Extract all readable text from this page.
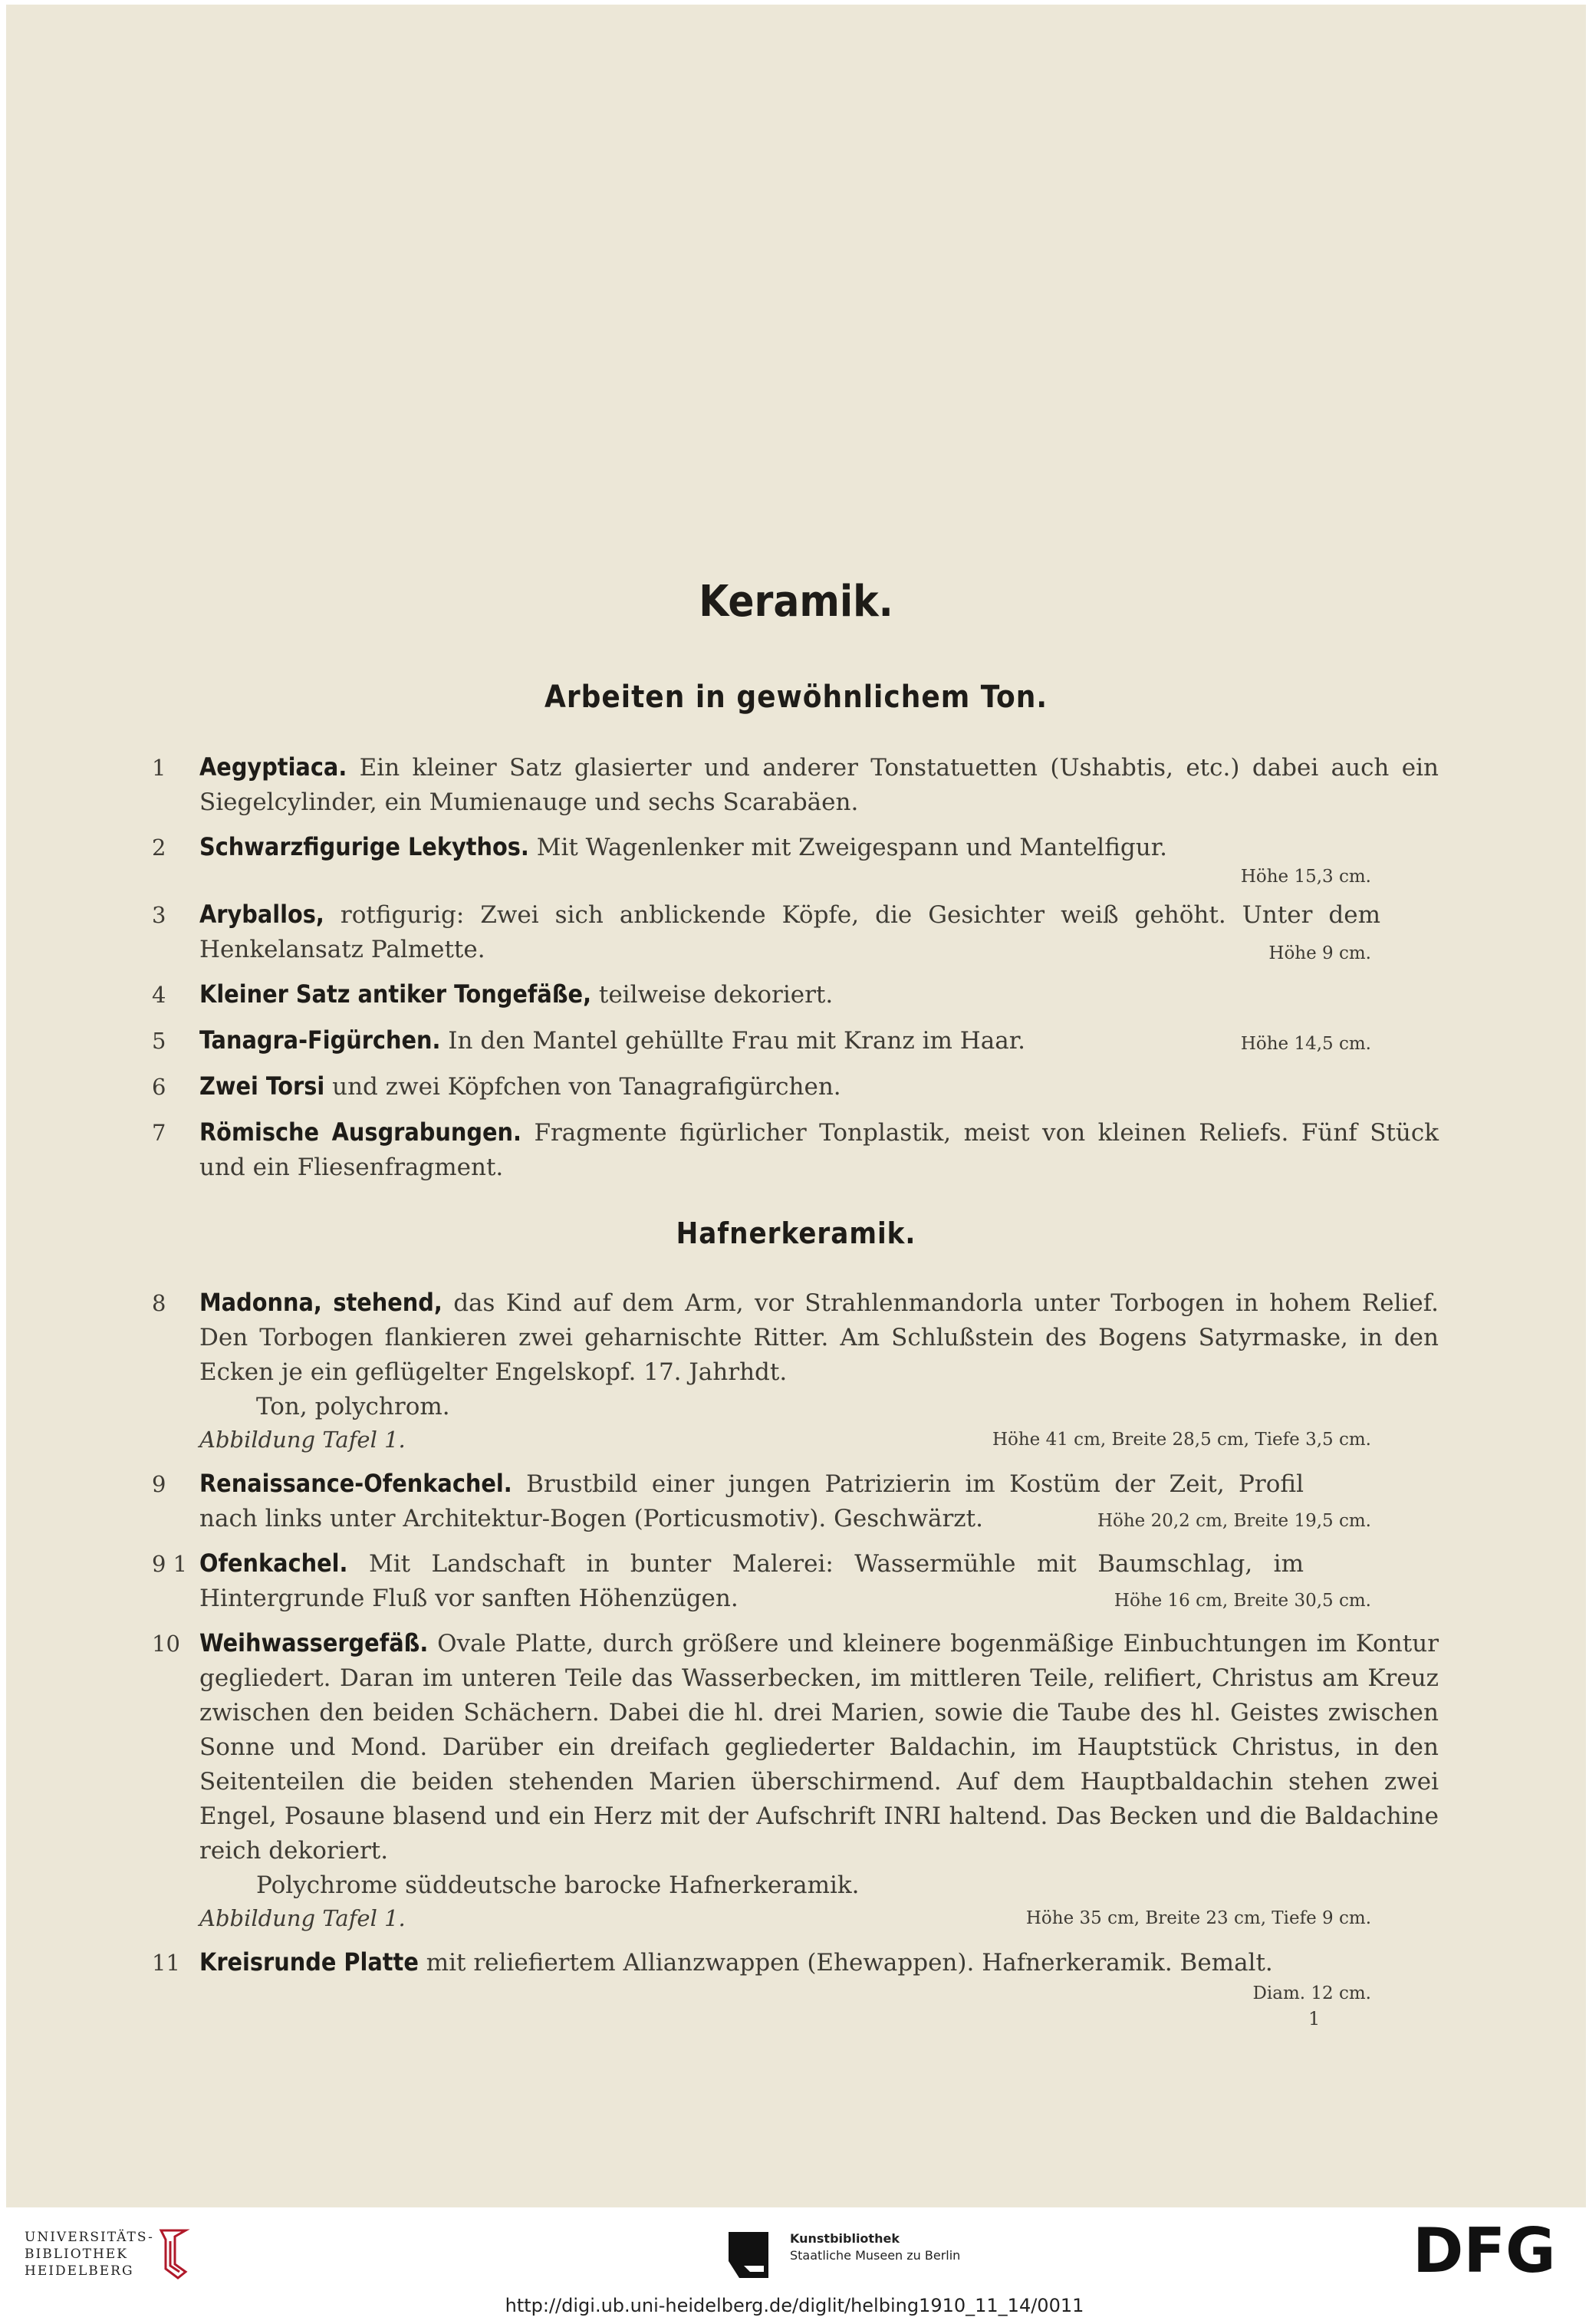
Keramik.
Arbeiten in gewöhnlichem Ton.
1	Aegyptiaca. Ein kleiner Satz glasierter und anderer Tonstatuetten (Ushabtis, etc.) dabei auch ein Siegelcylinder, ein Mumienauge und sechs Scarabäen.

2	Schwarzfigurige Lekythos. Mit Wagenlenker mit Zweigespann und Mantelfigur.

Höhe 15,3 cm.
3	Aryballos, rotfigurig: Zwei sich anblickende Köpfe, die Gesichter weiß gehöht. Unter dem Henkelansatz Palmette.	Höhe 9 cm.
4	Kleiner Satz antiker Tongefäße, teilweise dekoriert.

5	Tanagra-Figürchen. In den Mantel gehüllte Frau mit Kranz im Haar.	Höhe 14,5 cm.
6	Zwei Torsi und zwei Köpfchen von Tanagrafigürchen.

7	Römische Ausgrabungen. Fragmente figürlicher Tonplastik, meist von kleinen Reliefs. Fünf Stück und ein Fliesenfragment.

Hafnerkeramik.
8	Madonna, stehend, das Kind auf dem Arm, vor Strahlenmandorla unter Torbogen in hohem Relief. Den Torbogen flankieren zwei geharnischte Ritter. Am Schlußstein des Bogens Satyrmaske, in den Ecken je ein geflügelter Engelskopf. 17. Jahrhdt.
Ton, polychrom.

Abbildung Tafel 1.	Höhe 41 cm, Breite 28,5 cm, Tiefe 3,5 cm.
9	Renaissance-Ofenkachel. Brustbild einer jungen Patrizierin im Kostüm der Zeit, Profil nach links unter Architektur-Bogen (Porticusmotiv). Geschwärzt.	Höhe 20,2 cm, Breite 19,5 cm.
9 1 Ofenkachel. Mit Landschaft in bunter Malerei: Wassermühle mit Baumschlag, im Hintergrunde Fluß vor sanften Höhenzügen.	Höhe 16 cm, Breite 30,5 cm.
10 Weihwassergefäß. Ovale Platte, durch größere und kleinere bogenmäßige Einbuchtungen im Kontur gegliedert. Daran im unteren Teile das Wasserbecken, im mittleren Teile, relifiert, Christus am Kreuz zwischen den beiden Schächern. Dabei die hl. drei Marien, sowie die Taube des hl. Geistes zwischen Sonne und Mond. Darüber ein dreifach gegliederter Baldachin, im Hauptstück Christus, in den Seitenteilen die beiden stehenden Marien überschirmend. Auf dem Hauptbaldachin stehen zwei Engel, Posaune blasend und ein Herz mit der Aufschrift INRI haltend. Das Becken und die Baldachine reich dekoriert.
Polychrome süddeutsche barocke Hafnerkeramik.

Abbildung Tafel 1.	Höhe 35 cm, Breite 23 cm, Tiefe 9 cm.
11 Kreisrunde Platte mit reliefiertem Allianzwappen (Ehewappen). Hafnerkeramik. Bemalt.

Diam. 12 cm.
1
UNIVERSITÄTS-
BIBLIOTHEK
HEIDELBERG
Kunstbibliothek
Staatliche Museen zu Berlin	DFG
http://digi.ub.uni-heidelberg.de/diglit/helbing1910_11_14/0011
